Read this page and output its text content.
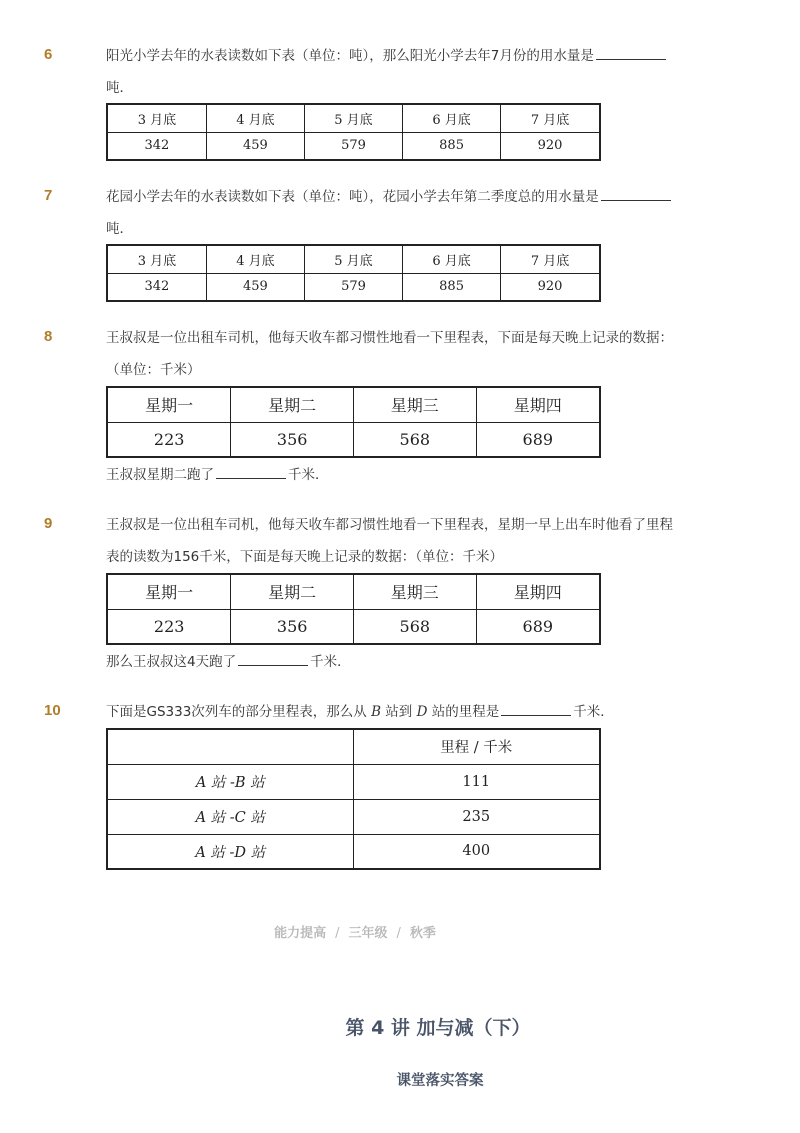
6	阳光小学去年的水表读数如下表（单位：吨），那么阳光小学去年7月份的用水量是
吨．
3 月底	4 月底	5 月底	6 月底	7 月底
342	459	579	885	920
7	花园小学去年的水表读数如下表（单位：吨），花园小学去年第二季度总的用水量是
吨．
3 月底	4 月底	5 月底	6 月底	7 月底
342	459	579	885	920
8	王叔叔是一位出租车司机，他每天收车都习惯性地看一下里程表，下面是每天晚上记录的数据：
（单位：千米）
星期一	星期二	星期三	星期四
223	356	568	689
王叔叔星期二跑了	千米．
9	王叔叔是一位出租车司机，他每天收车都习惯性地看一下里程表，星期一早上出车时他看了里程
表的读数为156千米，下面是每天晚上记录的数据：（单位：千米）
星期一	星期二	星期三	星期四
223	356	568	689
那么王叔叔这4天跑了	千米．
10	下面是GS333次列车的部分里程表，那么从 B 站到 D 站的里程是	千米．
	里程 / 千米
A 站 -B 站	111
A 站 -C 站	235
A 站 -D 站	400
能力提高 / 三年级 / 秋季
第 4 讲 加与减（下）
课堂落实答案
